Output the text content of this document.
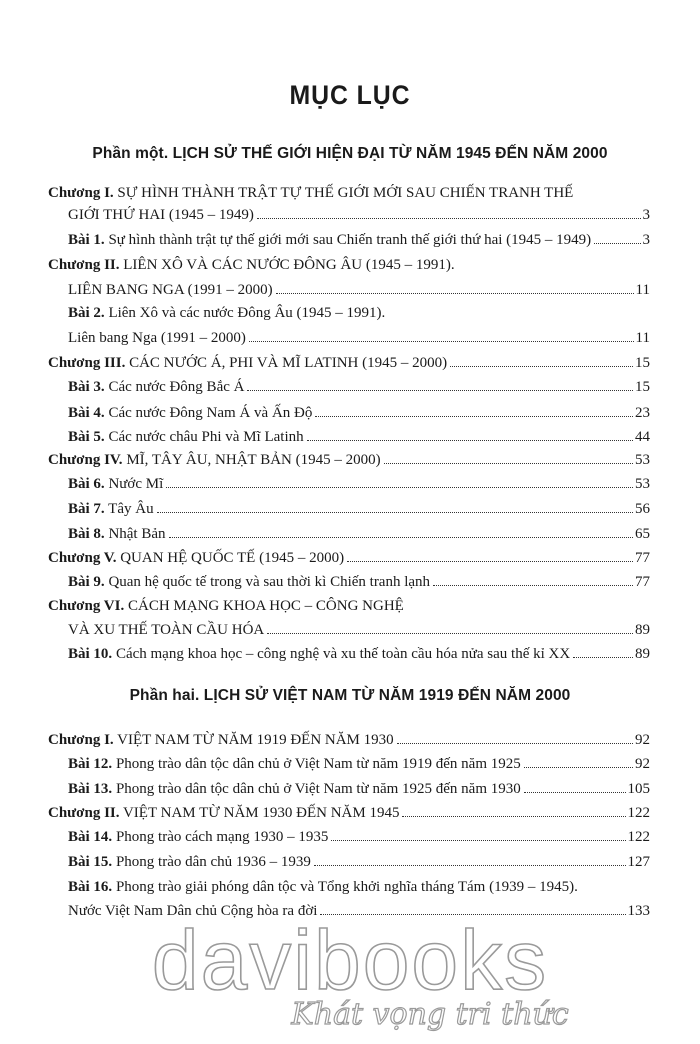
MỤC LỤC
Phần một. LỊCH SỬ THẾ GIỚI HIỆN ĐẠI TỪ NĂM 1945 ĐẾN NĂM 2000
Chương I. SỰ HÌNH THÀNH TRẬT TỰ THẾ GIỚI MỚI SAU CHIẾN TRANH THẾ
GIỚI THỨ HAI (1945 – 1949)	3
Bài 1. Sự hình thành trật tự thế giới mới sau Chiến tranh thế giới thứ hai (1945 – 1949)	3
Chương II. LIÊN XÔ VÀ CÁC NƯỚC ĐÔNG ÂU (1945 – 1991).
LIÊN BANG NGA (1991 – 2000)	11
Bài 2. Liên Xô và các nước Đông Âu (1945 – 1991).
Liên bang Nga (1991 – 2000)	11
Chương III. CÁC NƯỚC Á, PHI VÀ MĨ LATINH (1945 – 2000)	15
Bài 3. Các nước Đông Bắc Á	15
Bài 4. Các nước Đông Nam Á và Ấn Độ	23
Bài 5. Các nước châu Phi và Mĩ Latinh	44
Chương IV. MĨ, TÂY ÂU, NHẬT BẢN (1945 – 2000)	53
Bài 6. Nước Mĩ	53
Bài 7. Tây Âu	56
Bài 8. Nhật Bản	65
Chương V. QUAN HỆ QUỐC TẾ (1945 – 2000)	77
Bài 9. Quan hệ quốc tế trong và sau thời kì Chiến tranh lạnh	77
Chương VI. CÁCH MẠNG KHOA HỌC – CÔNG NGHỆ
VÀ XU THẾ TOÀN CẦU HÓA	89
Bài 10. Cách mạng khoa học – công nghệ và xu thế toàn cầu hóa nửa sau thế kỉ XX	89
Phần hai. LỊCH SỬ VIỆT NAM TỪ NĂM 1919 ĐẾN NĂM 2000
Chương I. VIỆT NAM TỪ NĂM 1919 ĐẾN NĂM 1930	92
Bài 12. Phong trào dân tộc dân chủ ở Việt Nam từ năm 1919 đến năm 1925	92
Bài 13. Phong trào dân tộc dân chủ ở Việt Nam từ năm 1925 đến năm 1930	105
Chương II. VIỆT NAM TỪ NĂM 1930 ĐẾN NĂM 1945	122
Bài 14. Phong trào cách mạng 1930 – 1935	122
Bài 15. Phong trào dân chủ 1936 – 1939	127
Bài 16. Phong trào giải phóng dân tộc và Tổng khởi nghĩa tháng Tám (1939 – 1945).
Nước Việt Nam Dân chủ Cộng hòa ra đời	133
davibooks
Khát vọng tri thức
